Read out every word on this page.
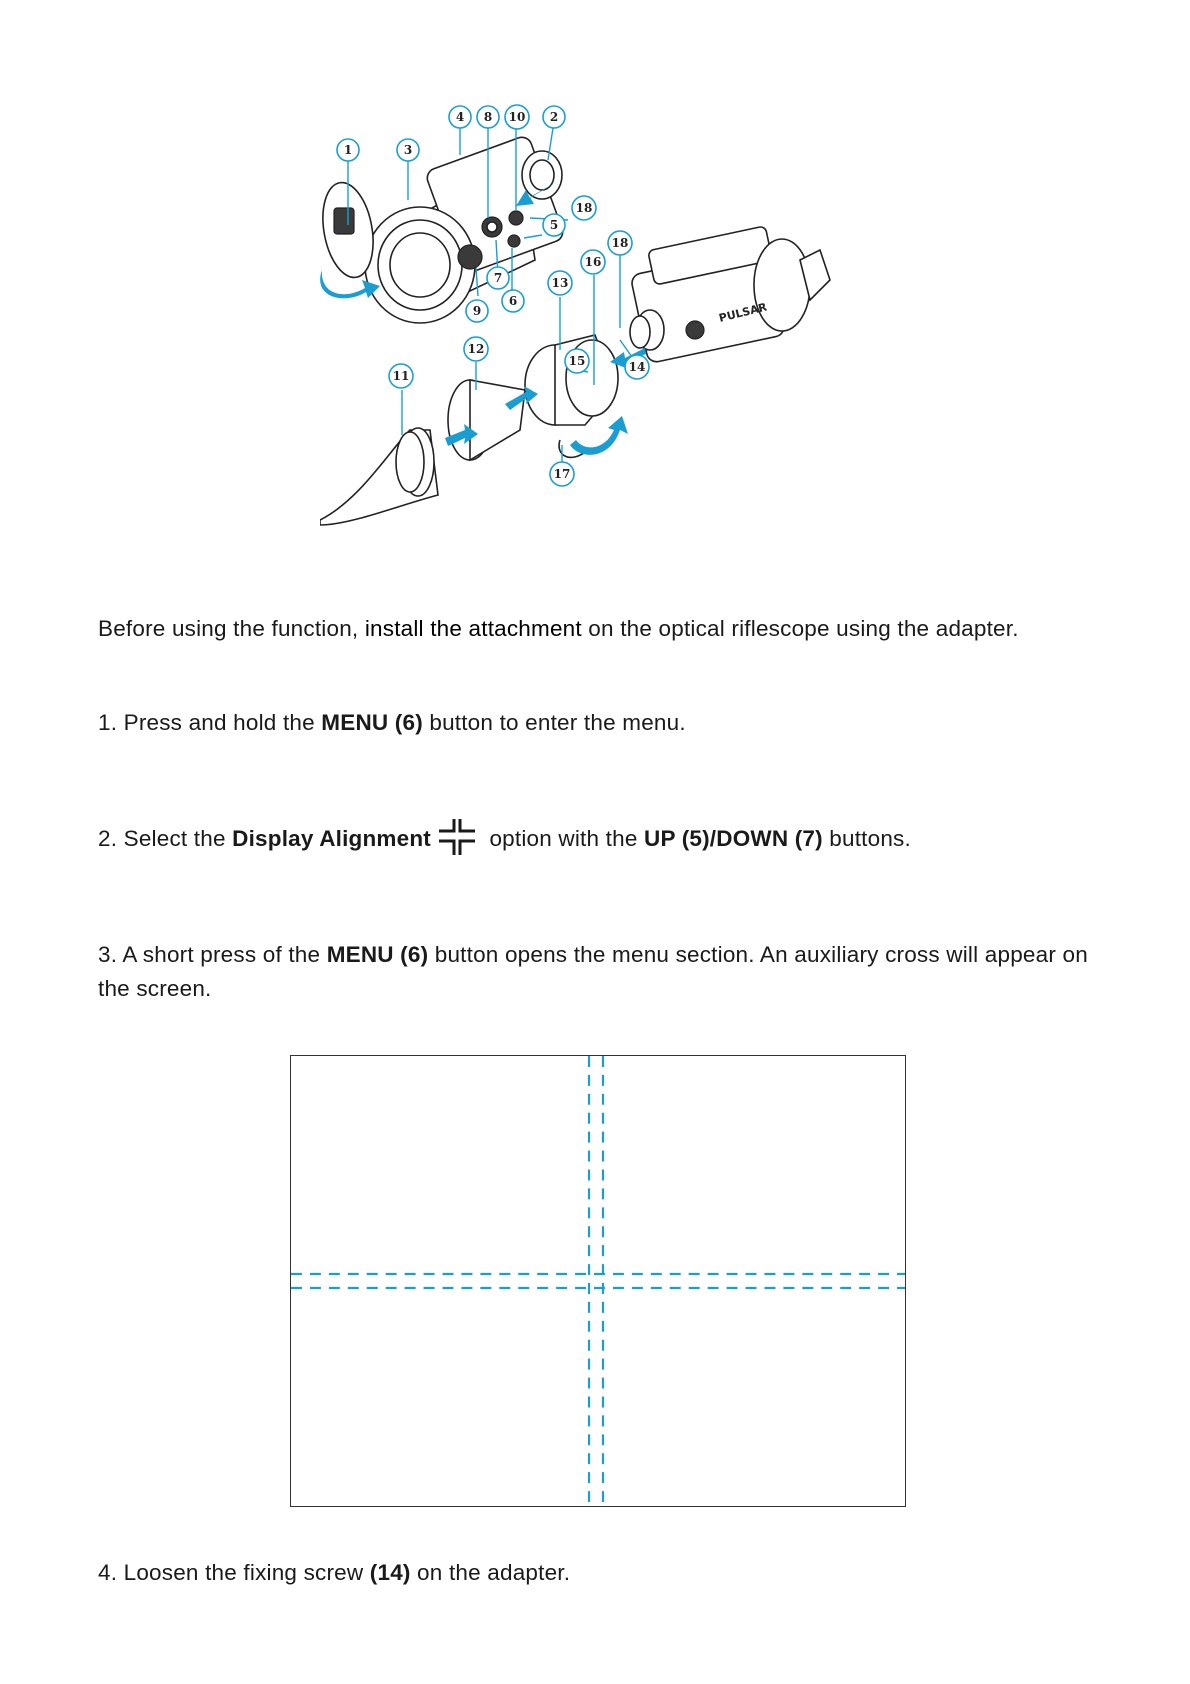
PULSAR
1	3
4 8 10 2
18
5
6
7
9
11
12
13
15
16
18
14
17

Before using the function, install the attachment on the optical riflescope using the adapter.

1. Press and hold the MENU (6) button to enter the menu.

2. Select the Display Alignment option with the UP (5)/DOWN (7) buttons.

3. A short press of the MENU (6) button opens the menu section. An auxiliary cross will appear on the screen.

4. Loosen the fixing screw (14) on the adapter.
